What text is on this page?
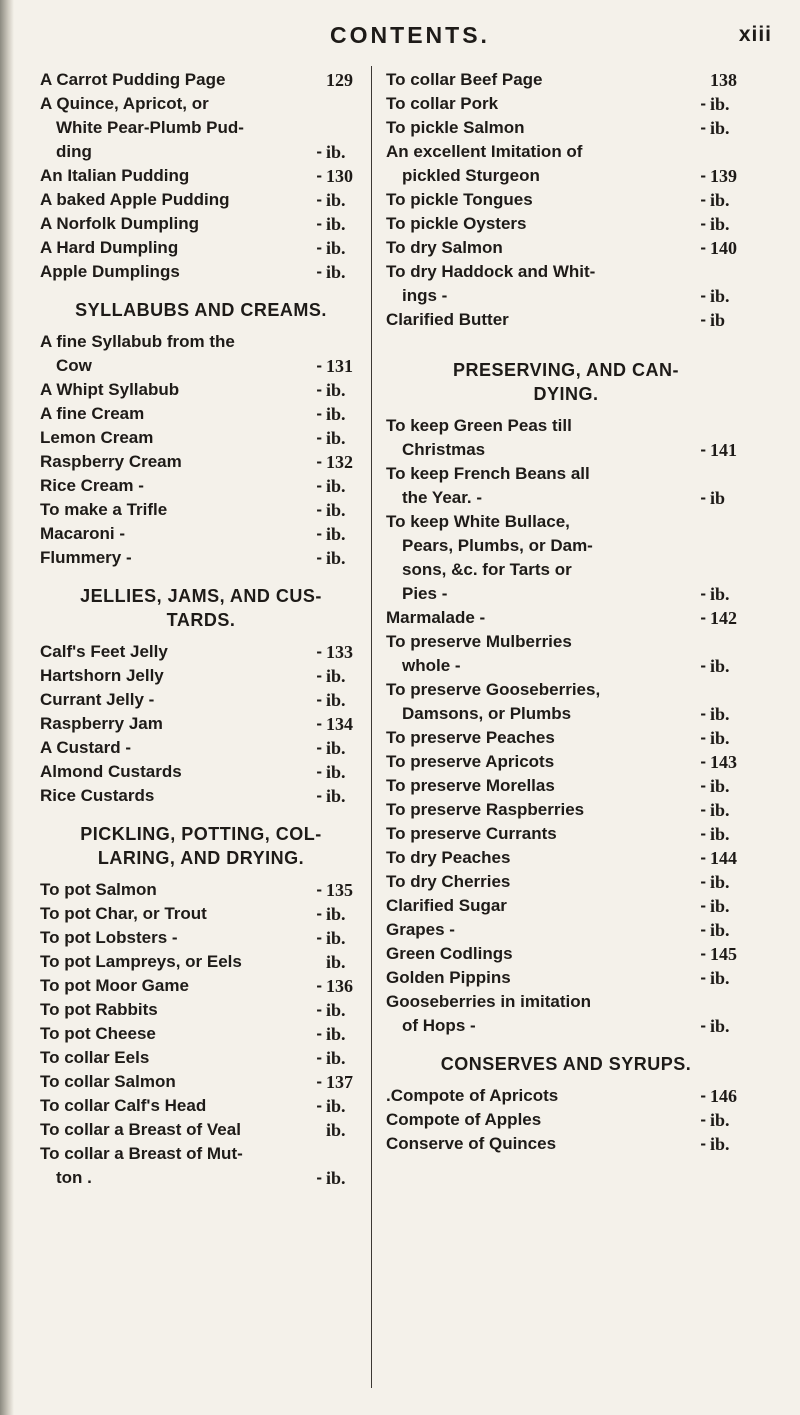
CONTENTS.	xiii
A Carrot Pudding Page	129
A Quince, Apricot, or
White Pear-Plumb Pud-
ding	- ib.
An Italian Pudding	- 130
A baked Apple Pudding	- ib.
A Norfolk Dumpling	- ib.
A Hard Dumpling	- ib.
Apple Dumplings	- ib.
SYLLABUBS AND CREAMS.
A fine Syllabub from the
Cow	- 131
A Whipt Syllabub	- ib.
A fine Cream	- ib.
Lemon Cream	- ib.
Raspberry Cream	- 132
Rice Cream -	- ib.
To make a Trifle	- ib.
Macaroni -	- ib.
Flummery -	- ib.
JELLIES, JAMS, AND CUS-
TARDS.
Calf's Feet Jelly	- 133
Hartshorn Jelly	- ib.
Currant Jelly -	- ib.
Raspberry Jam	- 134
A Custard -	- ib.
Almond Custards	- ib.
Rice Custards	- ib.
PICKLING, POTTING, COL-
LARING, AND DRYING.
To pot Salmon	- 135
To pot Char, or Trout	- ib.
To pot Lobsters -	- ib.
To pot Lampreys, or Eels	ib.
To pot Moor Game	- 136
To pot Rabbits	- ib.
To pot Cheese	- ib.
To collar Eels	- ib.
To collar Salmon	- 137
To collar Calf's Head	- ib.
To collar a Breast of Veal	ib.
To collar a Breast of Mut-
ton .	- ib.
To collar Beef Page	138
To collar Pork	- ib.
To pickle Salmon	- ib.
An excellent Imitation of
pickled Sturgeon	- 139
To pickle Tongues	- ib.
To pickle Oysters	- ib.
To dry Salmon	- 140
To dry Haddock and Whit-
ings -	- ib.
Clarified Butter	- ib
PRESERVING, AND CAN-
DYING.
To keep Green Peas till
Christmas	- 141
To keep French Beans all
the Year. -	- ib
To keep White Bullace,
Pears, Plumbs, or Dam-
sons, &c. for Tarts or
Pies -	- ib.
Marmalade -	- 142
To preserve Mulberries
whole -	- ib.
To preserve Gooseberries,
Damsons, or Plumbs	- ib.
To preserve Peaches	- ib.
To preserve Apricots	- 143
To preserve Morellas	- ib.
To preserve Raspberries	- ib.
To preserve Currants	- ib.
To dry Peaches	- 144
To dry Cherries	- ib.
Clarified Sugar	- ib.
Grapes -	- ib.
Green Codlings	- 145
Golden Pippins	- ib.
Gooseberries in imitation
of Hops -	- ib.
CONSERVES AND SYRUPS.
.Compote of Apricots	- 146
Compote of Apples	- ib.
Conserve of Quinces	- ib.
